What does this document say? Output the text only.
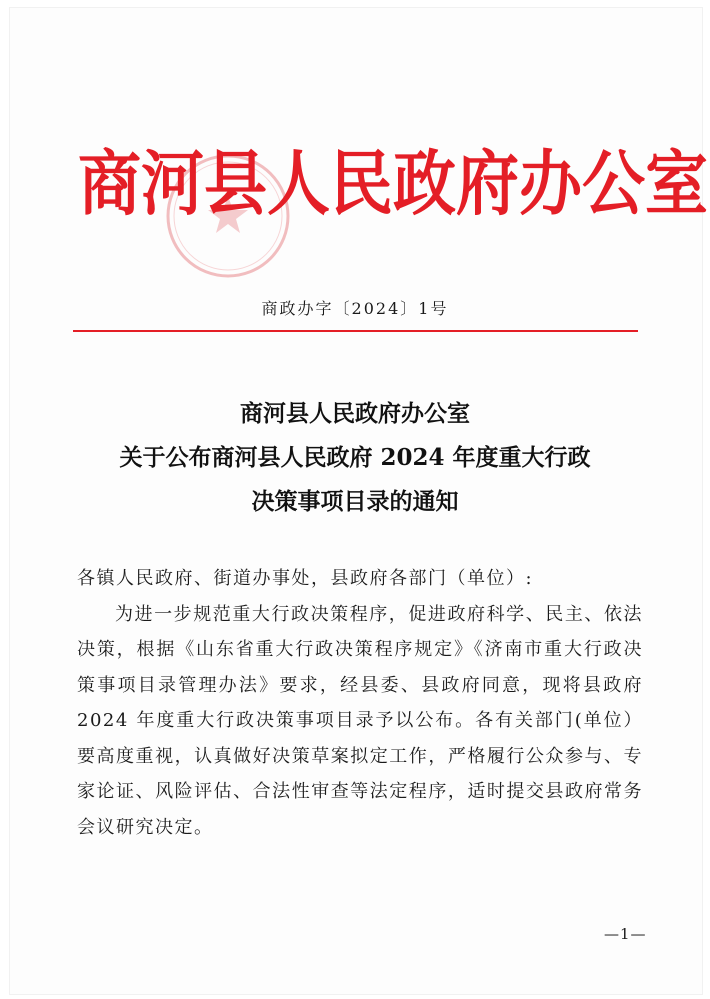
商河县人民政府办公室
商政办字〔2024〕1号
商河县人民政府办公室
关于公布商河县人民政府 2024 年度重大行政
决策事项目录的通知

各镇人民政府、街道办事处，县政府各部门（单位）:

为进一步规范重大行政决策程序，促进政府科学、民主、依法决策，根据《山东省重大行政决策程序规定》《济南市重大行政决策事项目录管理办法》要求，经县委、县政府同意，现将县政府 2024 年度重大行政决策事项目录予以公布。各有关部门(单位）要高度重视，认真做好决策草案拟定工作，严格履行公众参与、专家论证、风险评估、合法性审查等法定程序，适时提交县政府常务会议研究决定。

—1—
